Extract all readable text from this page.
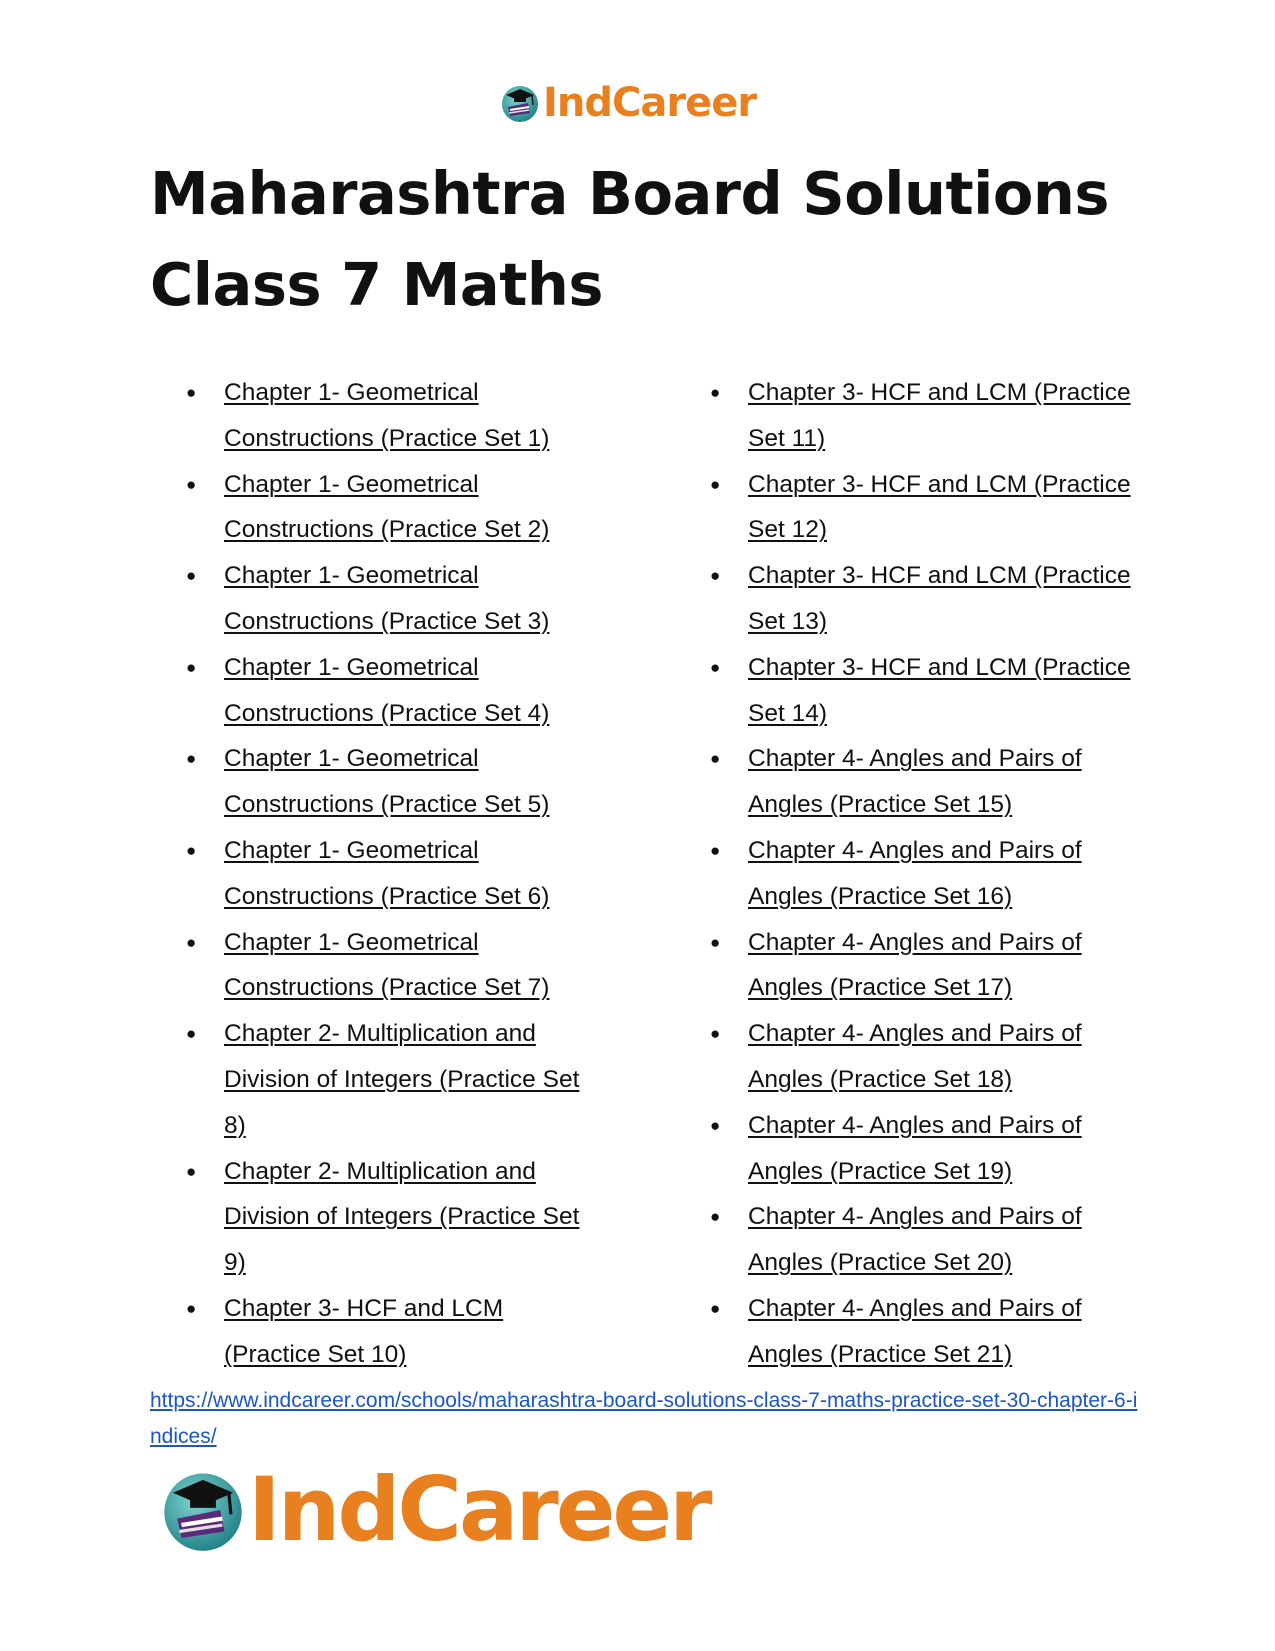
IndCareer
Maharashtra Board Solutions
Class 7 Maths
● Chapter 1- Geometrical Constructions (Practice Set 1)
● Chapter 1- Geometrical Constructions (Practice Set 2)
● Chapter 1- Geometrical Constructions (Practice Set 3)
● Chapter 1- Geometrical Constructions (Practice Set 4)
● Chapter 1- Geometrical Constructions (Practice Set 5)
● Chapter 1- Geometrical Constructions (Practice Set 6)
● Chapter 1- Geometrical Constructions (Practice Set 7)
● Chapter 2- Multiplication and Division of Integers (Practice Set 8)
● Chapter 2- Multiplication and Division of Integers (Practice Set 9)
● Chapter 3- HCF and LCM (Practice Set 10)
● Chapter 3- HCF and LCM (Practice Set 11)
● Chapter 3- HCF and LCM (Practice Set 12)
● Chapter 3- HCF and LCM (Practice Set 13)
● Chapter 3- HCF and LCM (Practice Set 14)
● Chapter 4- Angles and Pairs of Angles (Practice Set 15)
● Chapter 4- Angles and Pairs of Angles (Practice Set 16)
● Chapter 4- Angles and Pairs of Angles (Practice Set 17)
● Chapter 4- Angles and Pairs of Angles (Practice Set 18)
● Chapter 4- Angles and Pairs of Angles (Practice Set 19)
● Chapter 4- Angles and Pairs of Angles (Practice Set 20)
● Chapter 4- Angles and Pairs of Angles (Practice Set 21)
https://www.indcareer.com/schools/maharashtra-board-solutions-class-7-maths-practice-set-30-chapter-6-indices/
IndCareer
